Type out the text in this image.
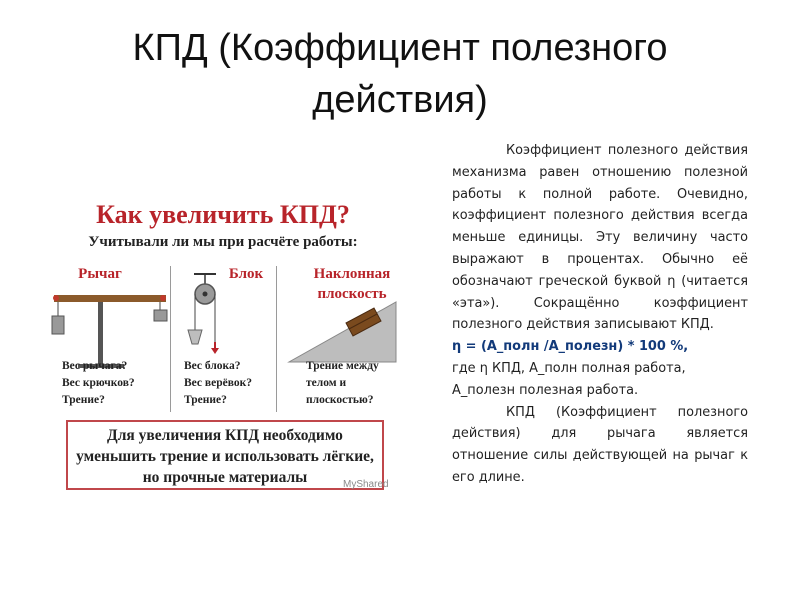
КПД (Коэффициент полезного
действия)
Как увеличить КПД?
Учитывали ли мы при расчёте работы:
Рычаг	Блок	Наклонная
плоскость
Вес рычага?
Вес крючков?
Трение?
Вес блока?
Вес верёвок?
Трение?
Трение между
телом и
плоскостью?
Для увеличения КПД необходимо
уменьшить трение и использовать лёгкие,
но прочные материалы	MyShared

Коэффициент полезного действия механизма равен отношению полезной работы к полной работе. Очевидно, коэффициент полезного действия всегда меньше единицы. Эту величину часто выражают в процентах. Обычно её обозначают греческой буквой η (читается «эта»). Сокращённо коэффициент полезного действия записывают КПД.

η = (А_полн /А_полезн) * 100 %,

где η КПД, А_полн полная работа,

А_полезн полезная работа.

КПД (Коэффициент полезного действия) для рычага является отношение силы действующей на рычаг к его длине.
